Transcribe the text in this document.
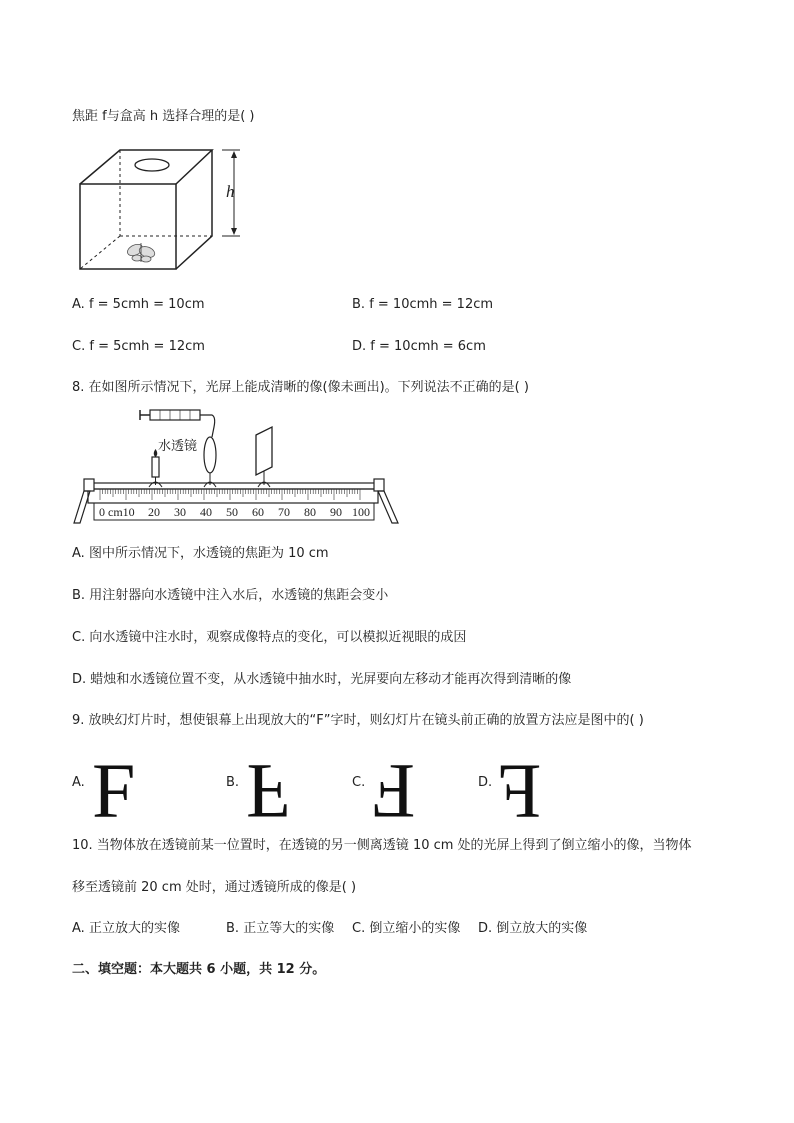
焦距 f与盒高 h 选择合理的是( )
h
A. f = 5cmh = 10cm	B. f = 10cmh = 12cm
C. f = 5cmh = 12cm	D. f = 10cmh = 6cm
8. 在如图所示情况下，光屏上能成清晰的像(像未画出)。下列说法不正确的是( )
水透镜
0 cm10 20 30 40 50 60 70 80 90 100
A. 图中所示情况下，水透镜的焦距为 10 cm
B. 用注射器向水透镜中注入水后，水透镜的焦距会变小
C. 向水透镜中注水时，观察成像特点的变化，可以模拟近视眼的成因
D. 蜡烛和水透镜位置不变，从水透镜中抽水时，光屏要向左移动才能再次得到清晰的像
9. 放映幻灯片时，想使银幕上出现放大的“F”字时，则幻灯片在镜头前正确的放置方法应是图中的( )
A. F	B. F	C. F	D. F
10. 当物体放在透镜前某一位置时，在透镜的另一侧离透镜 10 cm 处的光屏上得到了倒立缩小的像，当物体
移至透镜前 20 cm 处时，通过透镜所成的像是( )
A. 正立放大的实像	B. 正立等大的实像 C. 倒立缩小的实像 D. 倒立放大的实像
二、填空题：本大题共 6 小题，共 12 分。
